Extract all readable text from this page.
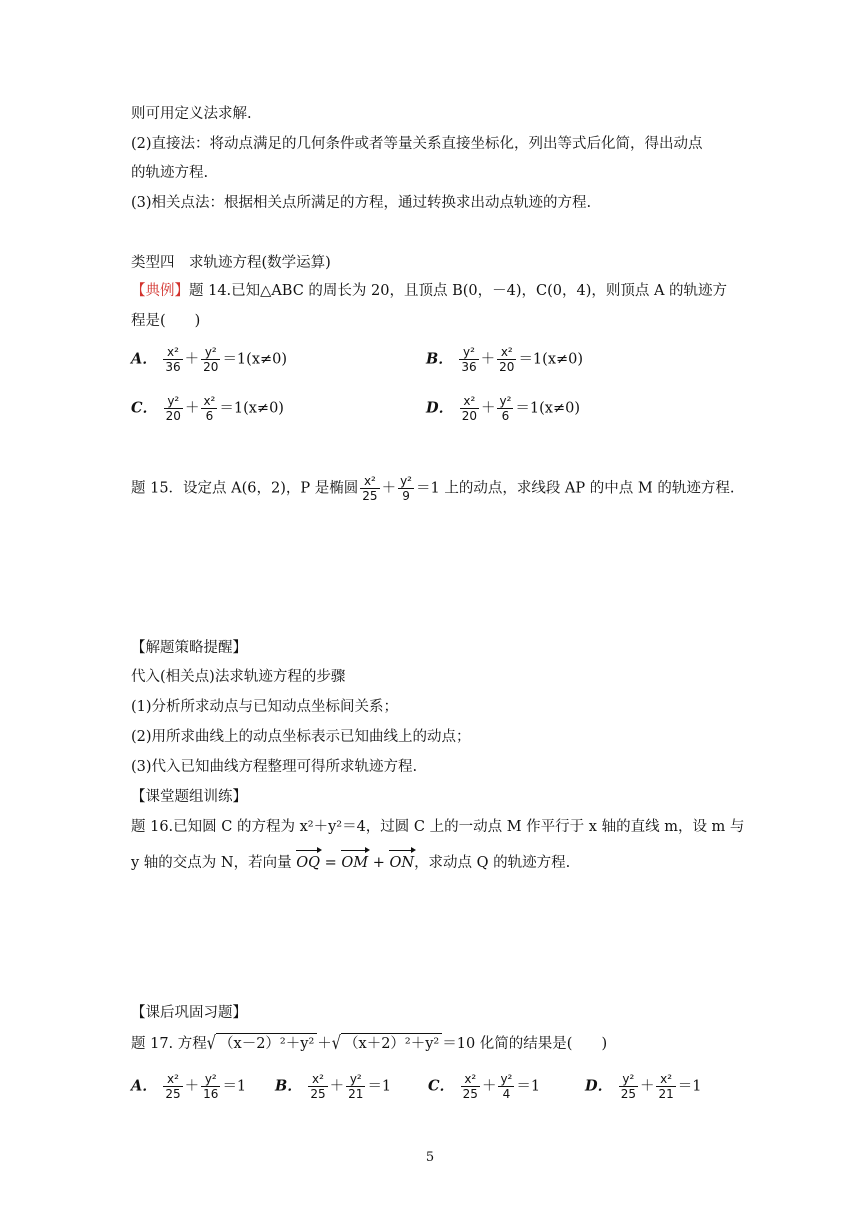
则可用定义法求解.
(2)直接法：将动点满足的几何条件或者等量关系直接坐标化，列出等式后化简，得出动点
的轨迹方程.
(3)相关点法：根据相关点所满足的方程，通过转换求出动点轨迹的方程.
类型四　求轨迹方程(数学运算)
【典例】题 14.已知△ABC 的周长为 20，且顶点 B(0，－4)，C(0，4)，则顶点 A 的轨迹方
程是(　　)
A． $\frac{\text{x²}}{36} + \frac{\text{y²}}{20} =1(x\ne 0)$	B． $\frac{\text{y²}}{36} + \frac{\text{x²}}{20} =1(x\ne 0)$
C． $\frac{\text{y²}}{20} + \frac{\text{x²}}{6} =1(x\ne 0)$	D． $\frac{\text{x²}}{20} + \frac{\text{y²}}{6} =1(x\ne 0)$
题 15．设定点 A(6，2)，P 是椭圆 $\frac{\text{x²}}{25} + \frac{\text{y²}}{9} =1$ 上的动点，求线段 AP 的中点 M 的轨迹方程.
【解题策略提醒】
代入(相关点)法求轨迹方程的步骤
(1)分析所求动点与已知动点坐标间关系；
(2)用所求曲线上的动点坐标表示已知曲线上的动点；
(3)代入已知曲线方程整理可得所求轨迹方程.
【课堂题组训练】
题 16.已知圆 C 的方程为 x²＋y²＝4，过圆 C 上的一动点 M 作平行于 x 轴的直线 m，设 m 与
y 轴的交点为 N，若向量 OQ = OM + ON，求动点 Q 的轨迹方程.
【课后巩固习题】
题 17. 方程√ （x－2）²＋y² ＋√ （x＋2）²＋y² ＝10 化简的结果是(　　)
A． $\frac{\text{x²}}{25} + \frac{\text{y²}}{16} =1$ B． $\frac{\text{x²}}{25} + \frac{\text{y²}}{21} =1$	C． $\frac{\text{x²}}{25} + \frac{\text{y²}}{4} =1$	D． $\frac{\text{y²}}{25} + \frac{\text{x²}}{21} =1$
5
